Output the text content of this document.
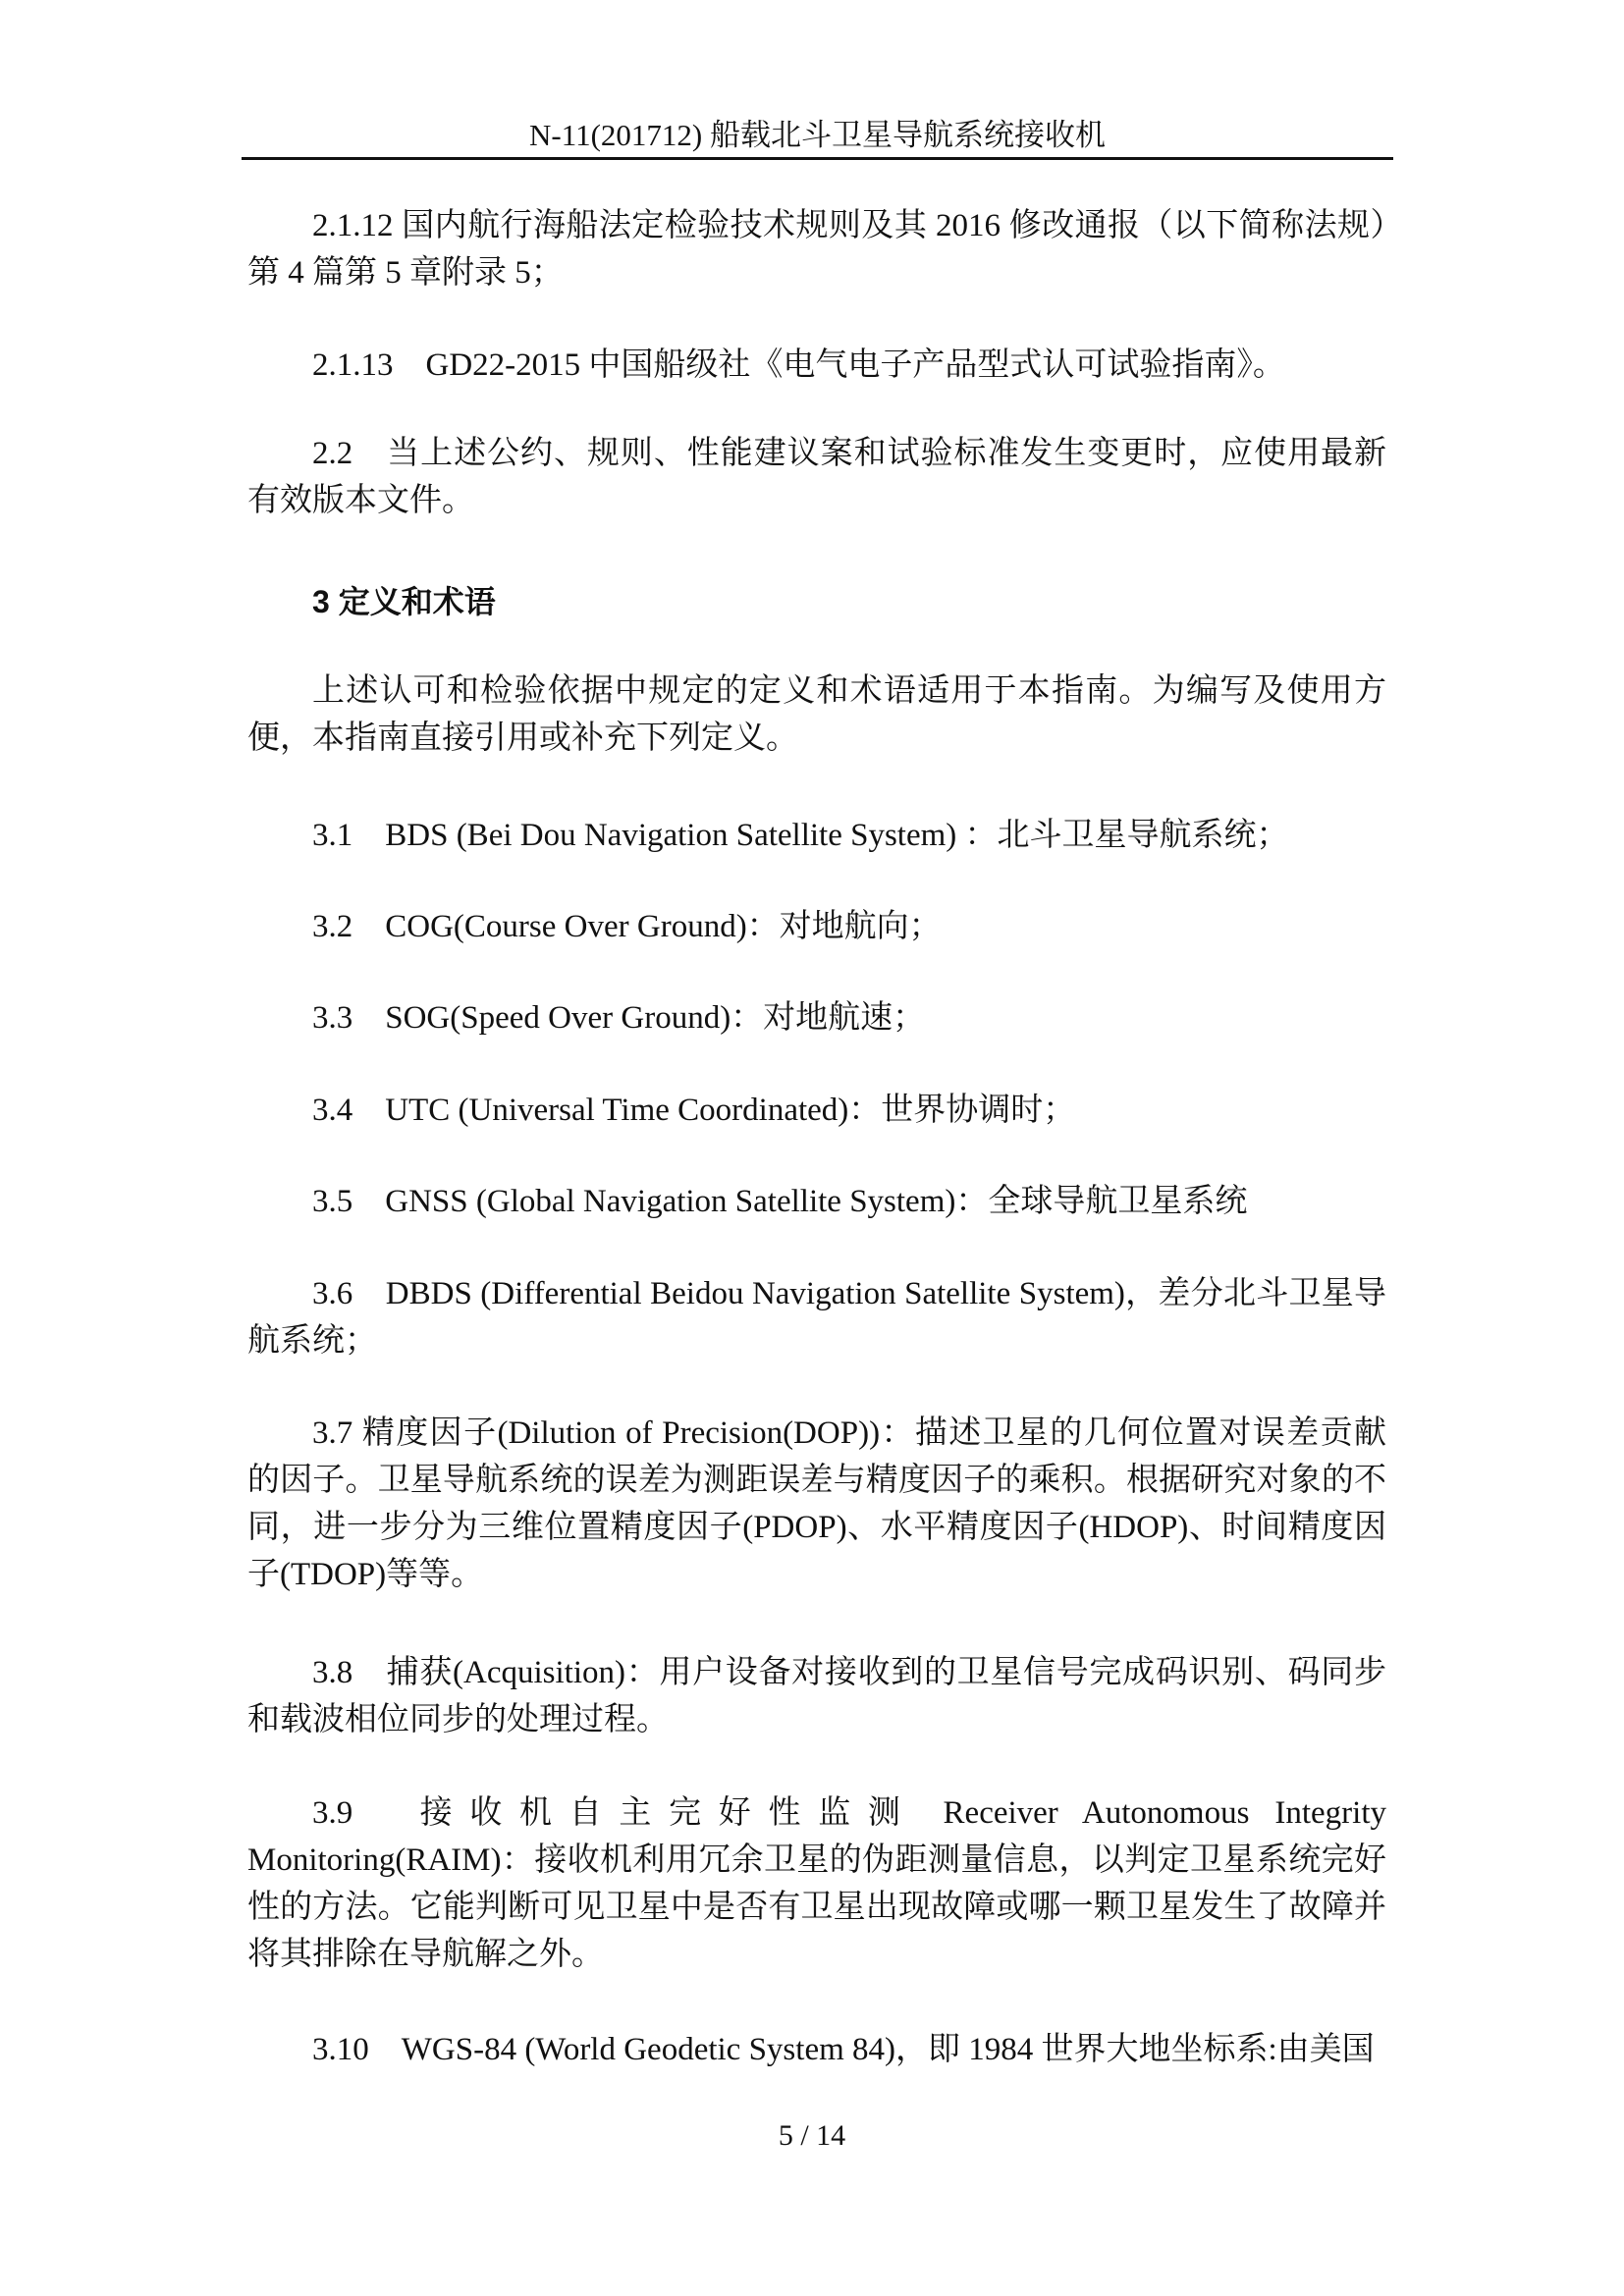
N-11(201712) 船载北斗卫星导航系统接收机

2.1.12 国内航行海船法定检验技术规则及其 2016 修改通报（以下简称法规）第 4 篇第 5 章附录 5；

2.1.13　GD22-2015 中国船级社《电气电子产品型式认可试验指南》。

2.2　当上述公约、规则、性能建议案和试验标准发生变更时，应使用最新有效版本文件。

3 定义和术语

上述认可和检验依据中规定的定义和术语适用于本指南。为编写及使用方便，本指南直接引用或补充下列定义。

3.1　BDS (Bei Dou Navigation Satellite System) ：北斗卫星导航系统；

3.2　COG(Course Over Ground)：对地航向；

3.3　SOG(Speed Over Ground)：对地航速；

3.4　UTC (Universal Time Coordinated)：世界协调时；

3.5　GNSS (Global Navigation Satellite System)：全球导航卫星系统

3.6　DBDS (Differential Beidou Navigation Satellite System)，差分北斗卫星导航系统；

3.7 精度因子(Dilution of Precision(DOP))：描述卫星的几何位置对误差贡献的因子。卫星导航系统的误差为测距误差与精度因子的乘积。根据研究对象的不同，进一步分为三维位置精度因子(PDOP)、水平精度因子(HDOP)、时间精度因子(TDOP)等等。

3.8　捕获(Acquisition)：用户设备对接收到的卫星信号完成码识别、码同步和载波相位同步的处理过程。

3.9　接收机自主完好性监测 Receiver Autonomous Integrity Monitoring(RAIM)：接收机利用冗余卫星的伪距测量信息，以判定卫星系统完好性的方法。它能判断可见卫星中是否有卫星出现故障或哪一颗卫星发生了故障并将其排除在导航解之外。

3.10　WGS-84 (World Geodetic System 84)，即 1984 世界大地坐标系:由美国

5 / 14
